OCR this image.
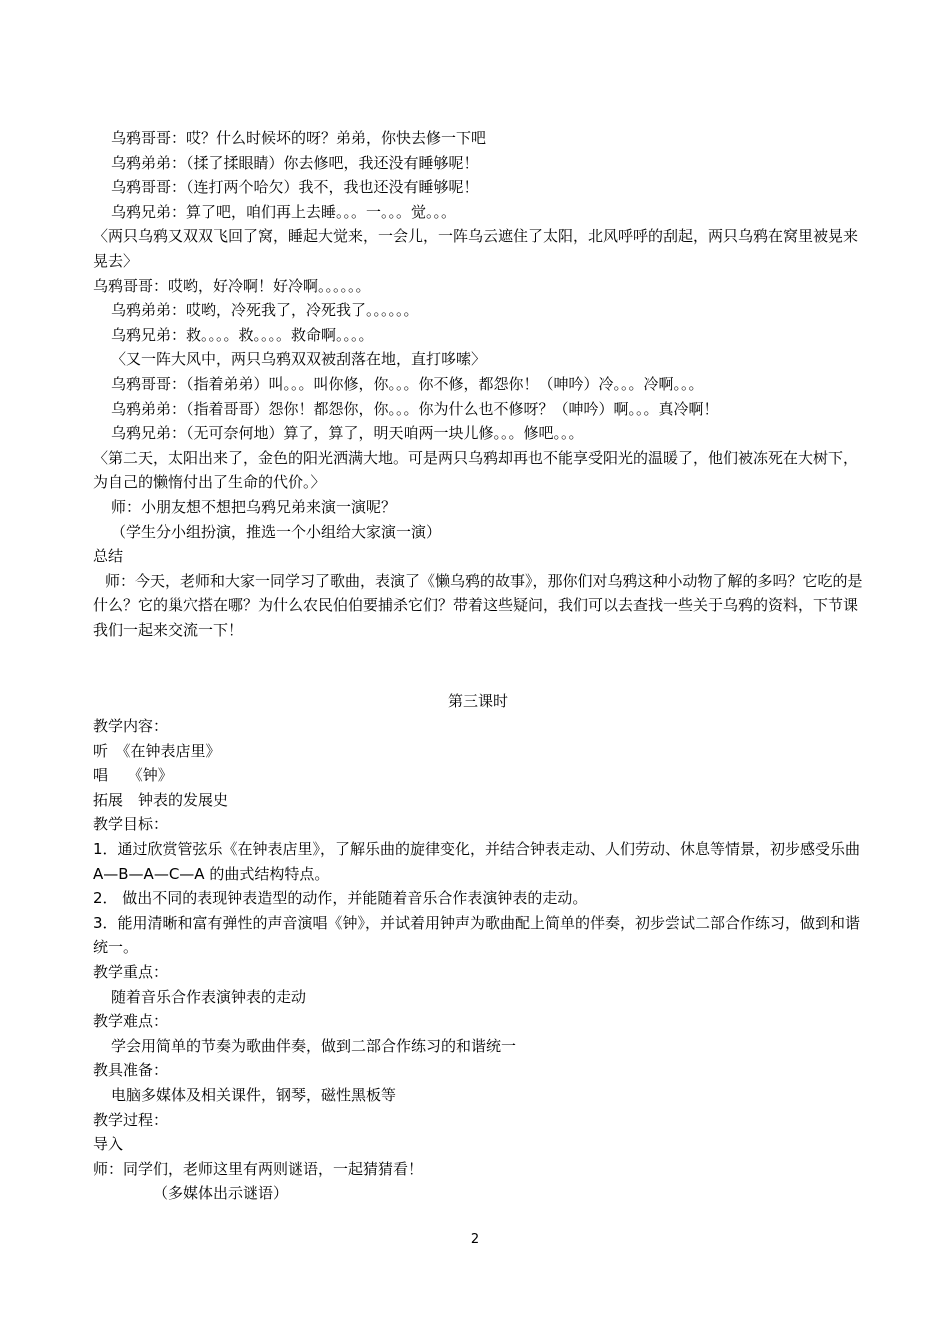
乌鸦哥哥：哎？什么时候坏的呀？弟弟，你快去修一下吧
乌鸦弟弟：（揉了揉眼睛）你去修吧，我还没有睡够呢！
乌鸦哥哥：（连打两个哈欠）我不，我也还没有睡够呢！
乌鸦兄弟：算了吧，咱们再上去睡。。。一。。。觉。。。
〈两只乌鸦又双双飞回了窝，睡起大觉来，一会儿，一阵乌云遮住了太阳，北风呼呼的刮起，两只乌鸦在窝里被晃来晃去〉
乌鸦哥哥：哎哟，好冷啊！好冷啊。。。。。。
乌鸦弟弟：哎哟，冷死我了，冷死我了。。。。。。
乌鸦兄弟：救。。。。救。。。。救命啊。。。。
〈又一阵大风中，两只乌鸦双双被刮落在地，直打哆嗦〉
乌鸦哥哥：（指着弟弟）叫。。。叫你修，你。。。你不修，都怨你！（呻吟）冷。。。冷啊。。。
乌鸦弟弟：（指着哥哥）怨你！都怨你，你。。。你为什么也不修呀？（呻吟）啊。。。真冷啊！
乌鸦兄弟：（无可奈何地）算了，算了，明天咱两一块儿修。。。修吧。。。
〈第二天，太阳出来了，金色的阳光洒满大地。可是两只乌鸦却再也不能享受阳光的温暖了，他们被冻死在大树下，为自己的懒惰付出了生命的代价。〉
师：小朋友想不想把乌鸦兄弟来演一演呢？
（学生分小组扮演，推选一个小组给大家演一演）
总结
师：今天，老师和大家一同学习了歌曲，表演了《懒乌鸦的故事》，那你们对乌鸦这种小动物了解的多吗？它吃的是什么？它的巢穴搭在哪？为什么农民伯伯要捕杀它们？带着这些疑问，我们可以去查找一些关于乌鸦的资料，下节课我们一起来交流一下！
第三课时
教学内容：
听　《在钟表店里》
唱　 《钟》
拓展　钟表的发展史
教学目标：
1．通过欣赏管弦乐《在钟表店里》，了解乐曲的旋律变化，并结合钟表走动、人们劳动、休息等情景，初步感受乐曲 A—B—A—C—A 的曲式结构特点。
2． 做出不同的表现钟表造型的动作，并能随着音乐合作表演钟表的走动。
3．能用清晰和富有弹性的声音演唱《钟》，并试着用钟声为歌曲配上简单的伴奏，初步尝试二部合作练习，做到和谐统一。
教学重点：
随着音乐合作表演钟表的走动
教学难点：
学会用简单的节奏为歌曲伴奏，做到二部合作练习的和谐统一
教具准备：
电脑多媒体及相关课件，钢琴，磁性黑板等
教学过程：
导入
师：同学们，老师这里有两则谜语，一起猜猜看！
（多媒体出示谜语）
2
